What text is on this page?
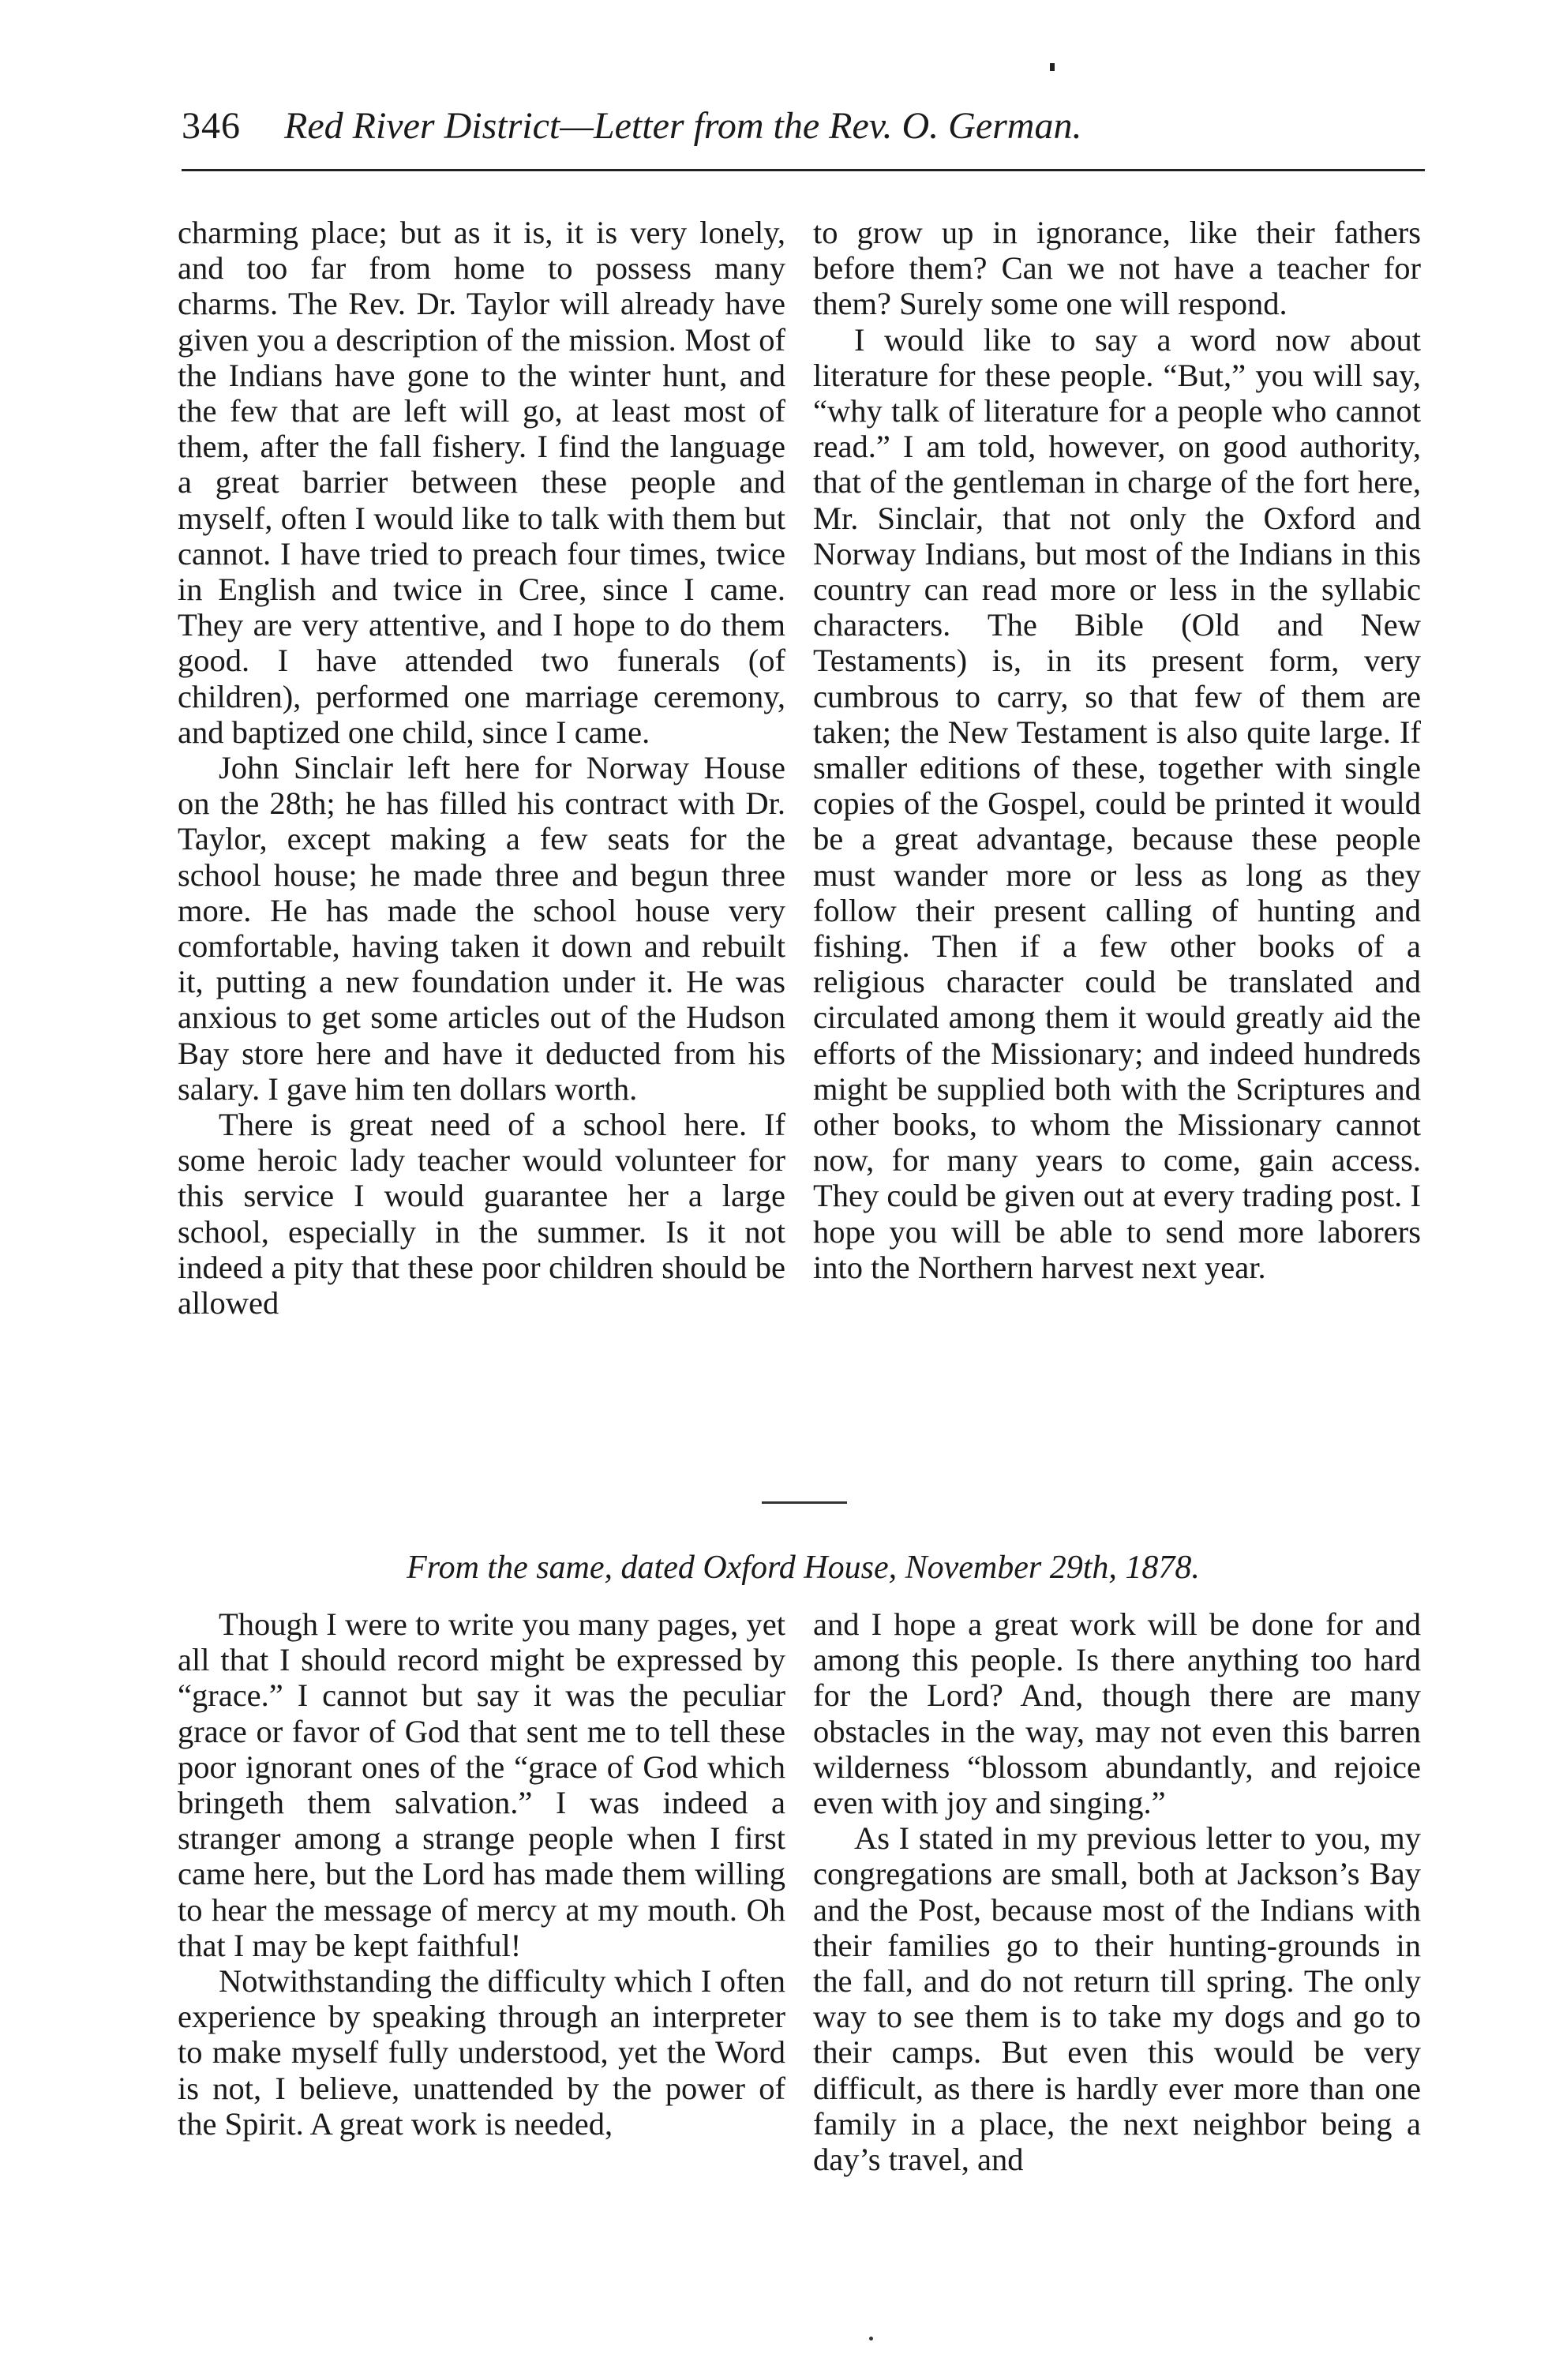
346 Red River District—Letter from the Rev. O. German.

charming place; but as it is, it is very lonely, and too far from home to possess many charms. The Rev. Dr. Taylor will already have given you a description of the mission. Most of the Indians have gone to the winter hunt, and the few that are left will go, at least most of them, after the fall fishery. I find the language a great barrier between these people and myself, often I would like to talk with them but cannot. I have tried to preach four times, twice in English and twice in Cree, since I came. They are very attentive, and I hope to do them good. I have attended two funerals (of children), performed one marriage ceremony, and baptized one child, since I came.

John Sinclair left here for Norway House on the 28th; he has filled his contract with Dr. Taylor, except making a few seats for the school house; he made three and begun three more. He has made the school house very comfortable, having taken it down and rebuilt it, putting a new foundation under it. He was anxious to get some articles out of the Hudson Bay store here and have it deducted from his salary. I gave him ten dollars worth.

There is great need of a school here. If some heroic lady teacher would volunteer for this service I would guarantee her a large school, especially in the summer. Is it not indeed a pity that these poor children should be allowed

to grow up in ignorance, like their fathers before them? Can we not have a teacher for them? Surely some one will respond.

I would like to say a word now about literature for these people. “But,” you will say, “why talk of literature for a people who cannot read.” I am told, however, on good authority, that of the gentleman in charge of the fort here, Mr. Sinclair, that not only the Oxford and Norway Indians, but most of the Indians in this country can read more or less in the syllabic characters. The Bible (Old and New Testaments) is, in its present form, very cumbrous to carry, so that few of them are taken; the New Testament is also quite large. If smaller editions of these, together with single copies of the Gospel, could be printed it would be a great advantage, because these people must wander more or less as long as they follow their present calling of hunting and fishing. Then if a few other books of a religious character could be translated and circulated among them it would greatly aid the efforts of the Missionary; and indeed hundreds might be supplied both with the Scriptures and other books, to whom the Missionary cannot now, for many years to come, gain access. They could be given out at every trading post. I hope you will be able to send more laborers into the Northern harvest next year.

From the same, dated Oxford House, November 29th, 1878.

Though I were to write you many pages, yet all that I should record might be expressed by “grace.” I cannot but say it was the peculiar grace or favor of God that sent me to tell these poor ignorant ones of the “grace of God which bringeth them salvation.” I was indeed a stranger among a strange people when I first came here, but the Lord has made them willing to hear the message of mercy at my mouth. Oh that I may be kept faithful!

Notwithstanding the difficulty which I often experience by speaking through an interpreter to make myself fully understood, yet the Word is not, I believe, unattended by the power of the Spirit. A great work is needed,

and I hope a great work will be done for and among this people. Is there anything too hard for the Lord? And, though there are many obstacles in the way, may not even this barren wilderness “blossom abundantly, and rejoice even with joy and singing.”

As I stated in my previous letter to you, my congregations are small, both at Jackson’s Bay and the Post, because most of the Indians with their families go to their hunting-grounds in the fall, and do not return till spring. The only way to see them is to take my dogs and go to their camps. But even this would be very difficult, as there is hardly ever more than one family in a place, the next neighbor being a day’s travel, and
